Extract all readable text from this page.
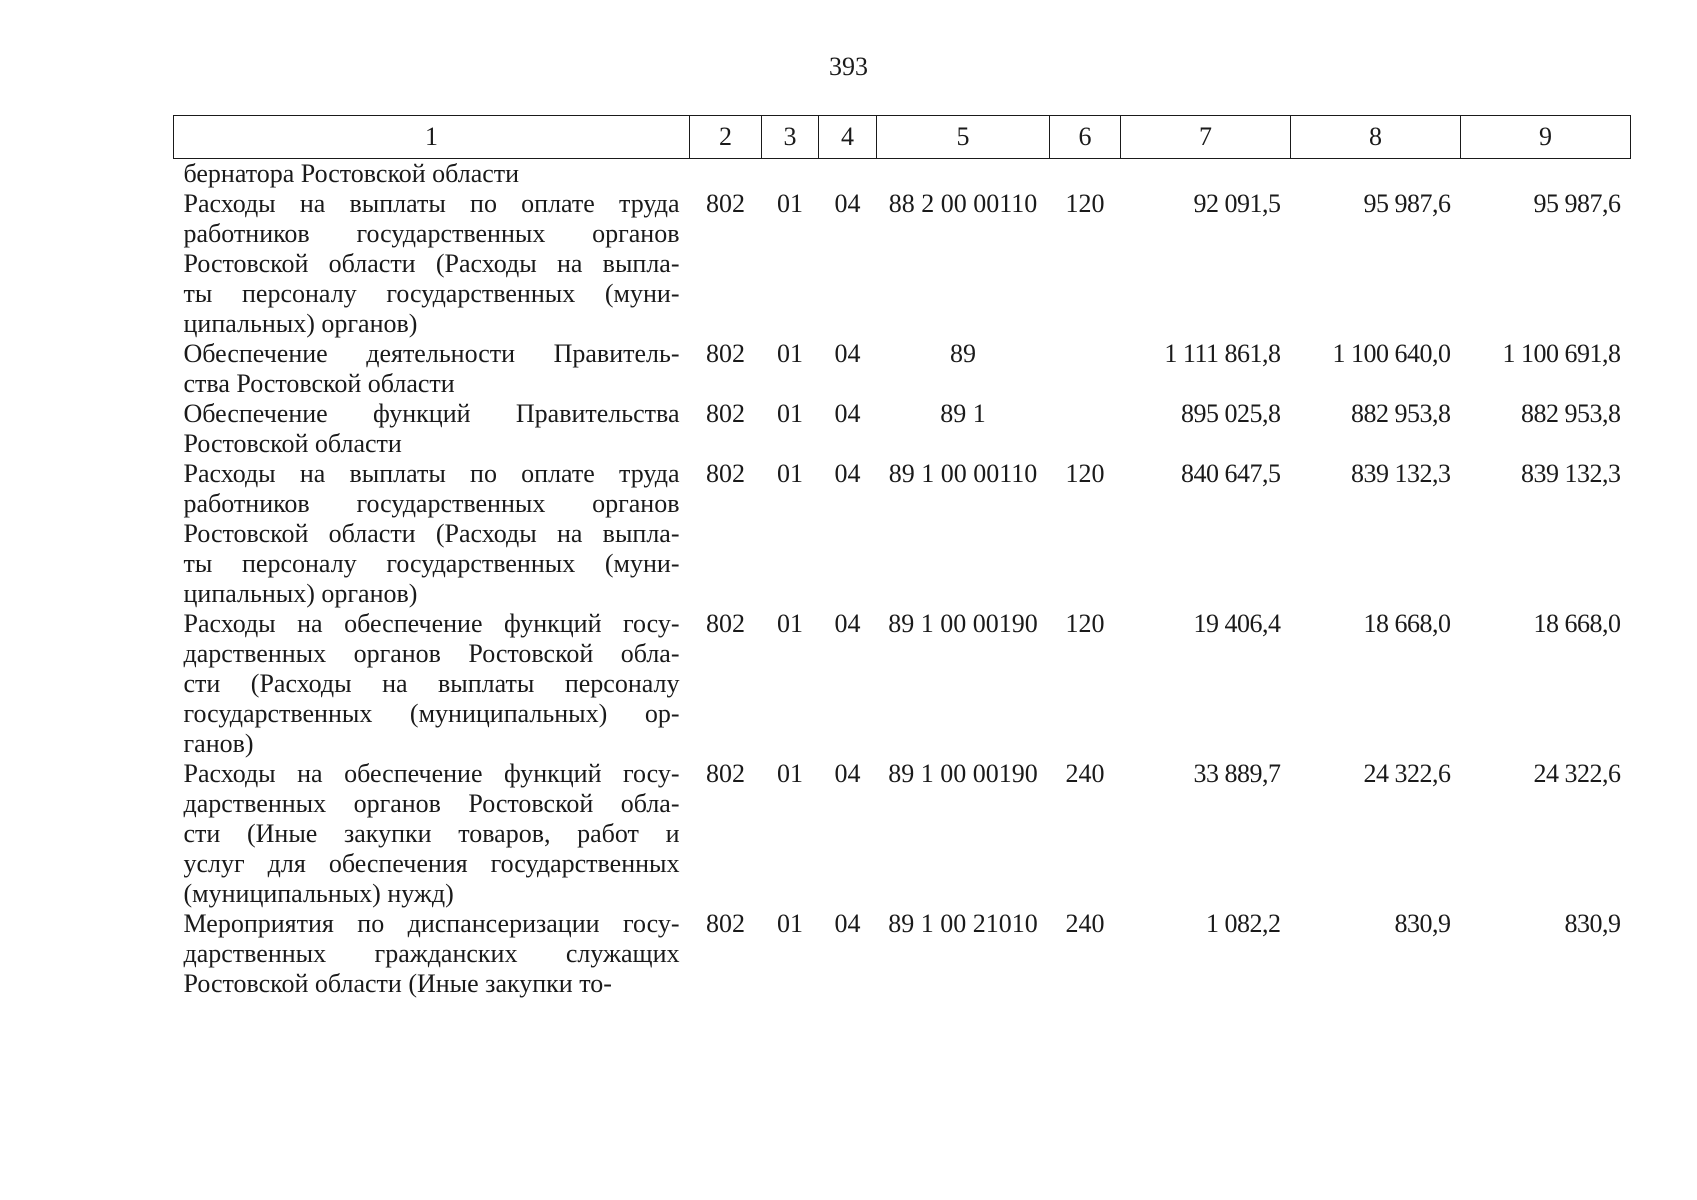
393
1	2	3	4	5	6	7	8	9
бернатора Ростовской области								

Расходы на выплаты по оплате труда
работников государственных органов
Ростовской области (Расходы на выпла-
ты персоналу государственных (муни-
ципальных) органов)	802	01	04	88 2 00 00110	120	92 091,5	95 987,6	95 987,6

Обеспечение деятельности Правитель-
ства Ростовской области	802	01	04	89		1 111 861,8	1 100 640,0	1 100 691,8

Обеспечение функций Правительства
Ростовской области	802	01	04	89 1		895 025,8	882 953,8	882 953,8

Расходы на выплаты по оплате труда
работников государственных органов
Ростовской области (Расходы на выпла-
ты персоналу государственных (муни-
ципальных) органов)	802	01	04	89 1 00 00110	120	840 647,5	839 132,3	839 132,3

Расходы на обеспечение функций госу-
дарственных органов Ростовской обла-
сти (Расходы на выплаты персоналу
государственных (муниципальных) ор-
ганов)	802	01	04	89 1 00 00190	120	19 406,4	18 668,0	18 668,0

Расходы на обеспечение функций госу-
дарственных органов Ростовской обла-
сти (Иные закупки товаров, работ и
услуг для обеспечения государственных
(муниципальных) нужд)	802	01	04	89 1 00 00190	240	33 889,7	24 322,6	24 322,6

Мероприятия по диспансеризации госу-
дарственных гражданских служащих
Ростовской области (Иные закупки то-	802	01	04	89 1 00 21010	240	1 082,2	830,9	830,9
